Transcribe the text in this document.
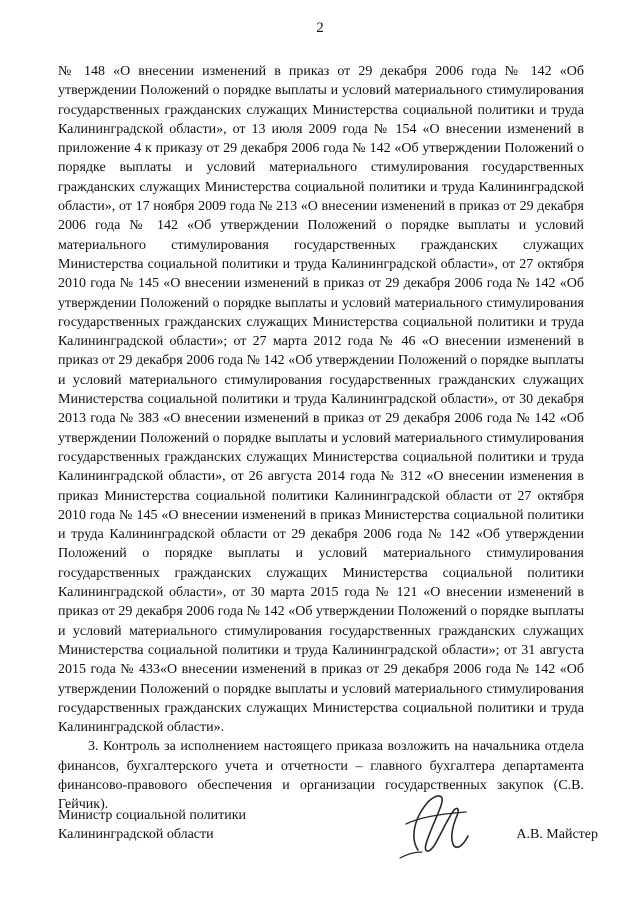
2

№ 148 «О внесении изменений в приказ от 29 декабря 2006 года № 142 «Об утверждении Положений о порядке выплаты и условий материального стимулирования государственных гражданских служащих Министерства социальной политики и труда Калининградской области», от 13 июля 2009 года № 154 «О внесении изменений в приложение 4 к приказу от 29 декабря 2006 года № 142 «Об утверждении Положений о порядке выплаты и условий материального стимулирования государственных гражданских служащих Министерства социальной политики и труда Калининградской области», от 17 ноября 2009 года № 213 «О внесении изменений в приказ от 29 декабря 2006 года № 142 «Об утверждении Положений о порядке выплаты и условий материального стимулирования государственных гражданских служащих Министерства социальной политики и труда Калининградской области», от 27 октября 2010 года № 145 «О внесении изменений в приказ от 29 декабря 2006 года № 142 «Об утверждении Положений о порядке выплаты и условий материального стимулирования государственных гражданских служащих Министерства социальной политики и труда Калининградской области»; от 27 марта 2012 года № 46 «О внесении изменений в приказ от 29 декабря 2006 года № 142 «Об утверждении Положений о порядке выплаты и условий материального стимулирования государственных гражданских служащих Министерства социальной политики и труда Калининградской области», от 30 декабря 2013 года № 383 «О внесении изменений в приказ от 29 декабря 2006 года № 142 «Об утверждении Положений о порядке выплаты и условий материального стимулирования государственных гражданских служащих Министерства социальной политики и труда Калининградской области», от 26 августа 2014 года № 312 «О внесении изменения в приказ Министерства социальной политики Калининградской области от 27 октября 2010 года № 145 «О внесении изменений в приказ Министерства социальной политики и труда Калининградской области от 29 декабря 2006 года № 142 «Об утверждении Положений о порядке выплаты и условий материального стимулирования государственных гражданских служащих Министерства социальной политики Калининградской области», от 30 марта 2015 года № 121 «О внесении изменений в приказ от 29 декабря 2006 года № 142 «Об утверждении Положений о порядке выплаты и условий материального стимулирования государственных гражданских служащих Министерства социальной политики и труда Калининградской области»; от 31 августа 2015 года № 433«О внесении изменений в приказ от 29 декабря 2006 года № 142 «Об утверждении Положений о порядке выплаты и условий материального стимулирования государственных гражданских служащих Министерства социальной политики и труда Калининградской области».

3. Контроль за исполнением настоящего приказа возложить на начальника отдела финансов, бухгалтерского учета и отчетности – главного бухгалтера департамента финансово-правового обеспечения и организации государственных закупок (С.В. Гейчик).

Министр социальной политики
Калининградской области	А.В. Майстер
